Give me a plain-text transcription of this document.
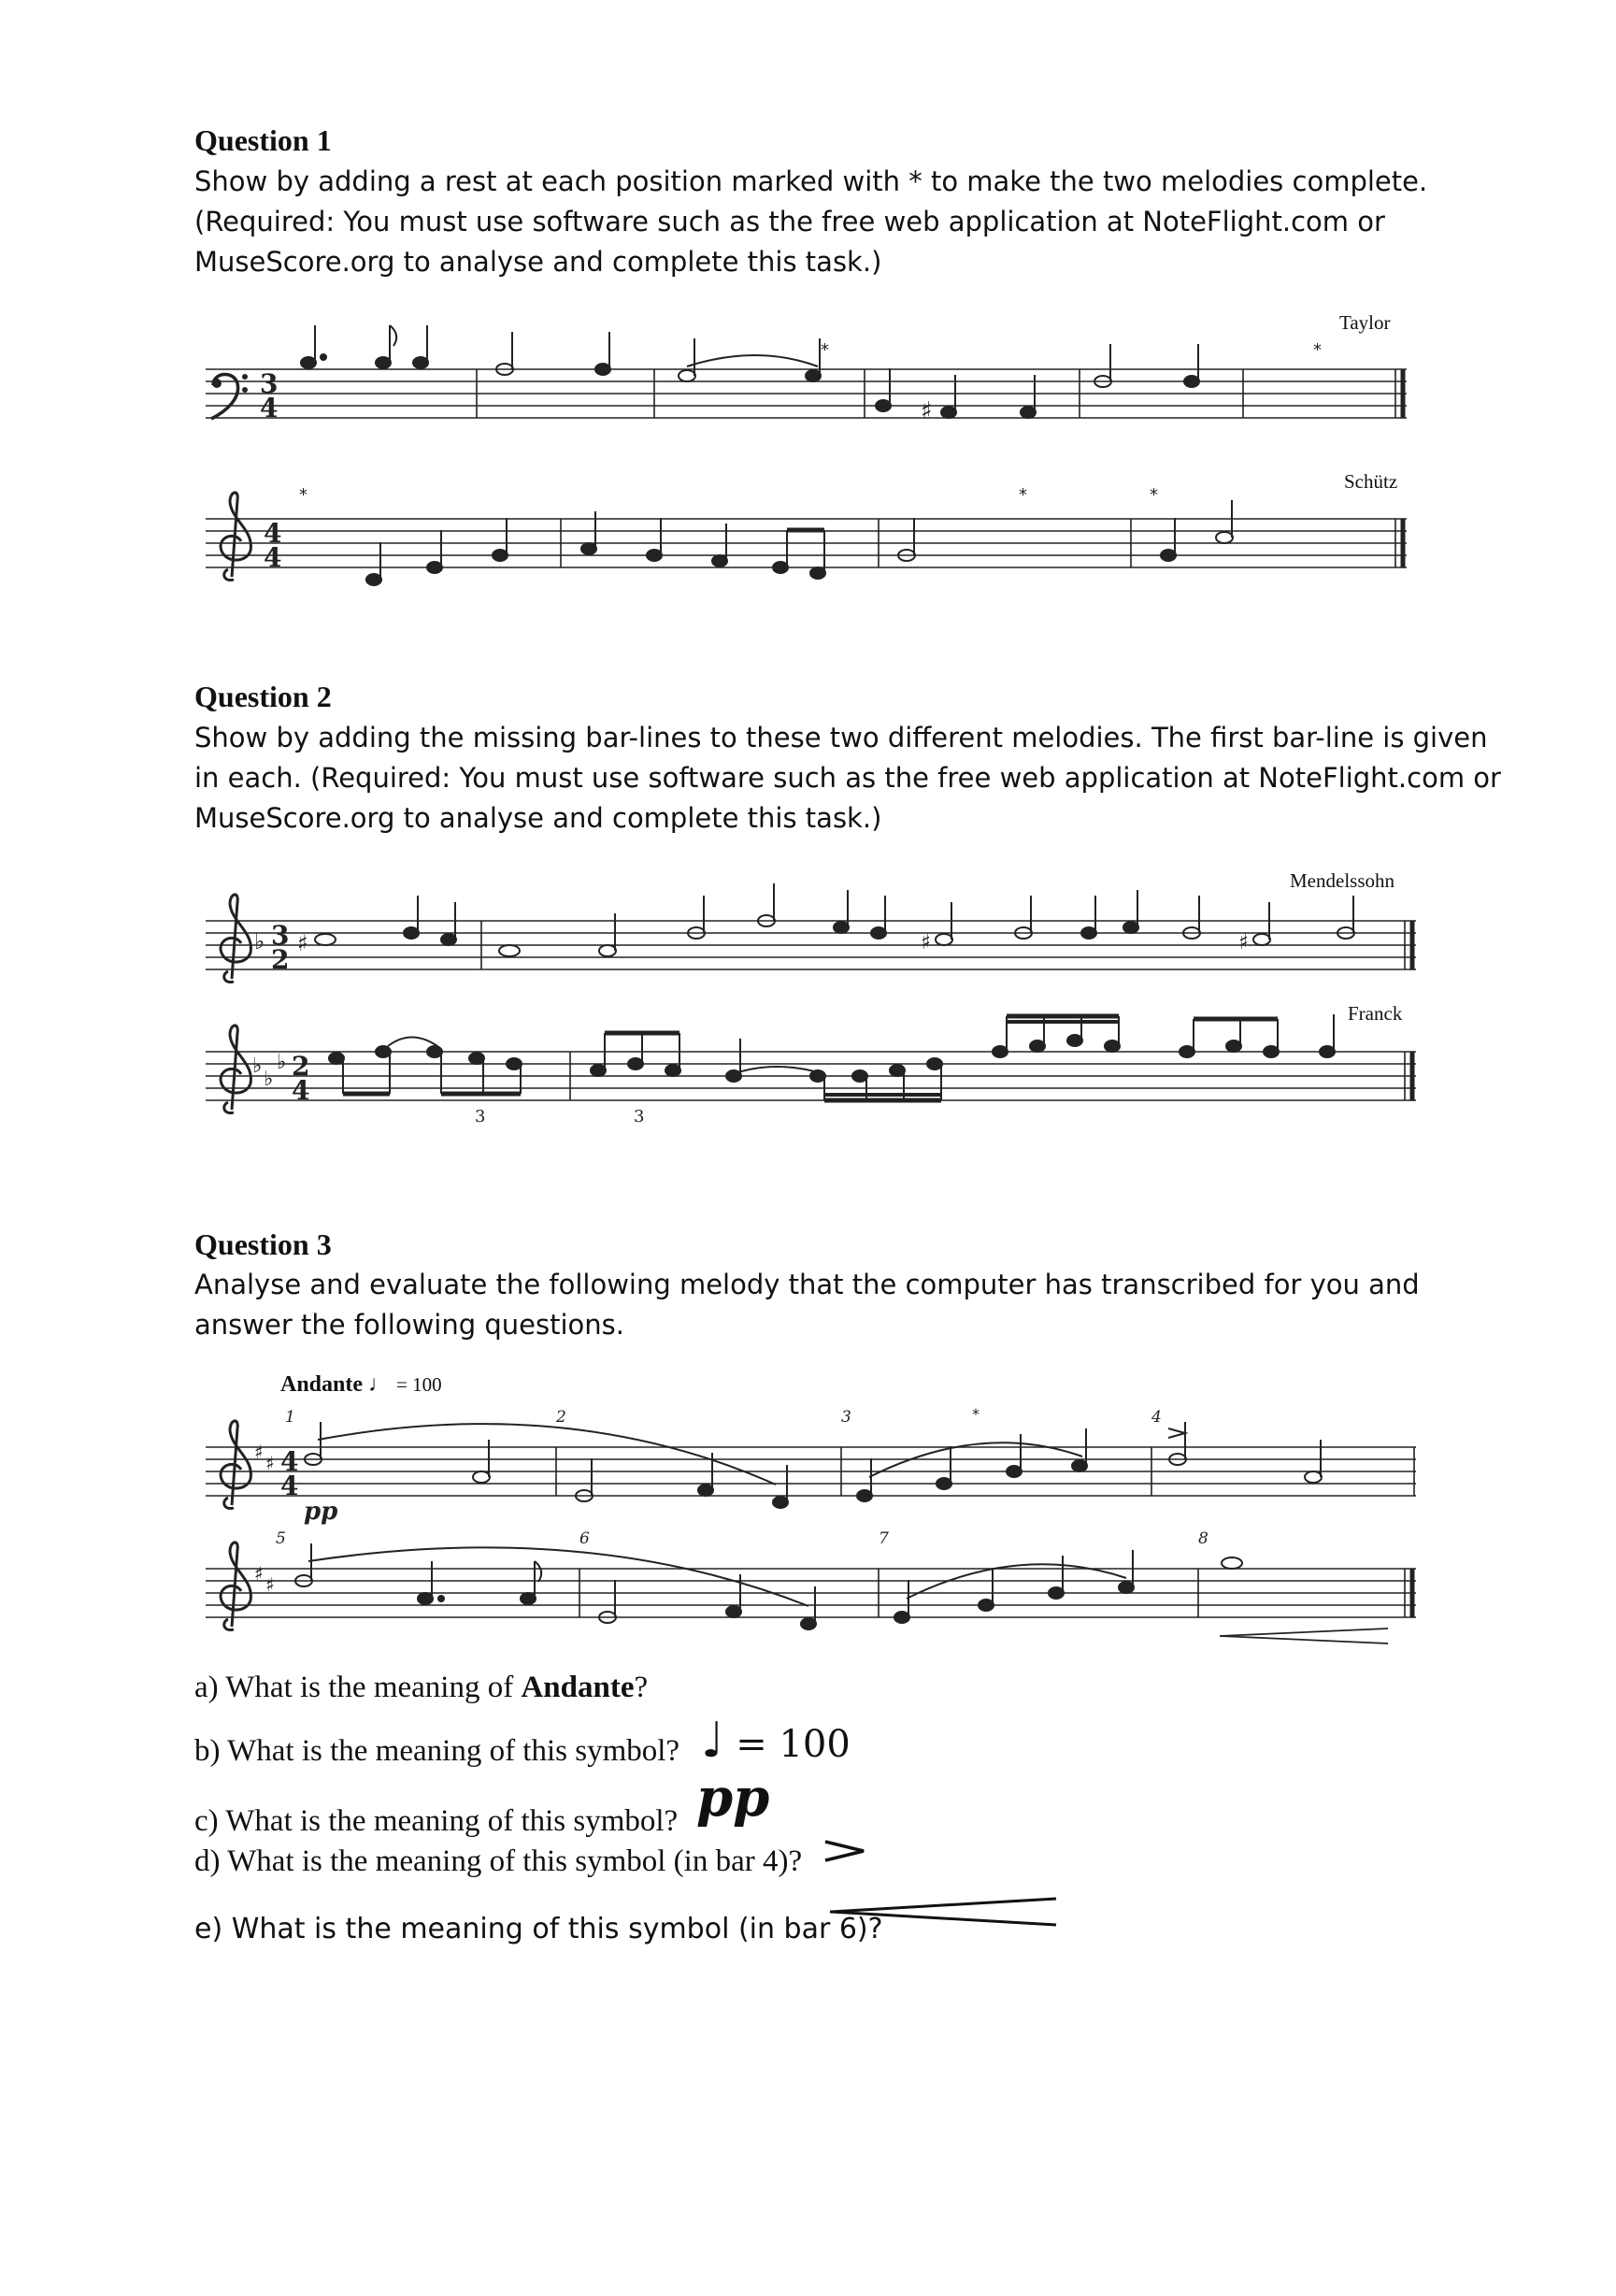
Question 1
Show by adding a rest at each position marked with * to make the two melodies complete.
(Required: You must use software such as the free web application at NoteFlight.com or
MuseScore.org to analyse and complete this task.)
Taylor
3
4	♯
*	*
Schütz
4
4
*	*	*
Question 2
Show by adding the missing bar-lines to these two different melodies. The first bar-line is given
in each. (Required: You must use software such as the free web application at NoteFlight.com or
MuseScore.org to analyse and complete this task.)
Mendelssohn
♭ 3
2
♯	♯	♯
Franck
♭
♭
♭ 2
4
3	3
Question 3
Analyse and evaluate the following melody that the computer has transcribed for you and
answer the following questions.
Andante ♩ = 100
♯ ♯ 4
4
1	2	3	4
*
pp
♯ ♯
5	6	7	8
a) What is the meaning of Andante?
b) What is the meaning of this symbol? ♩ = 100
c) What is the meaning of this symbol? pp
d) What is the meaning of this symbol (in bar 4)?
e) What is the meaning of this symbol (in bar 6)?
